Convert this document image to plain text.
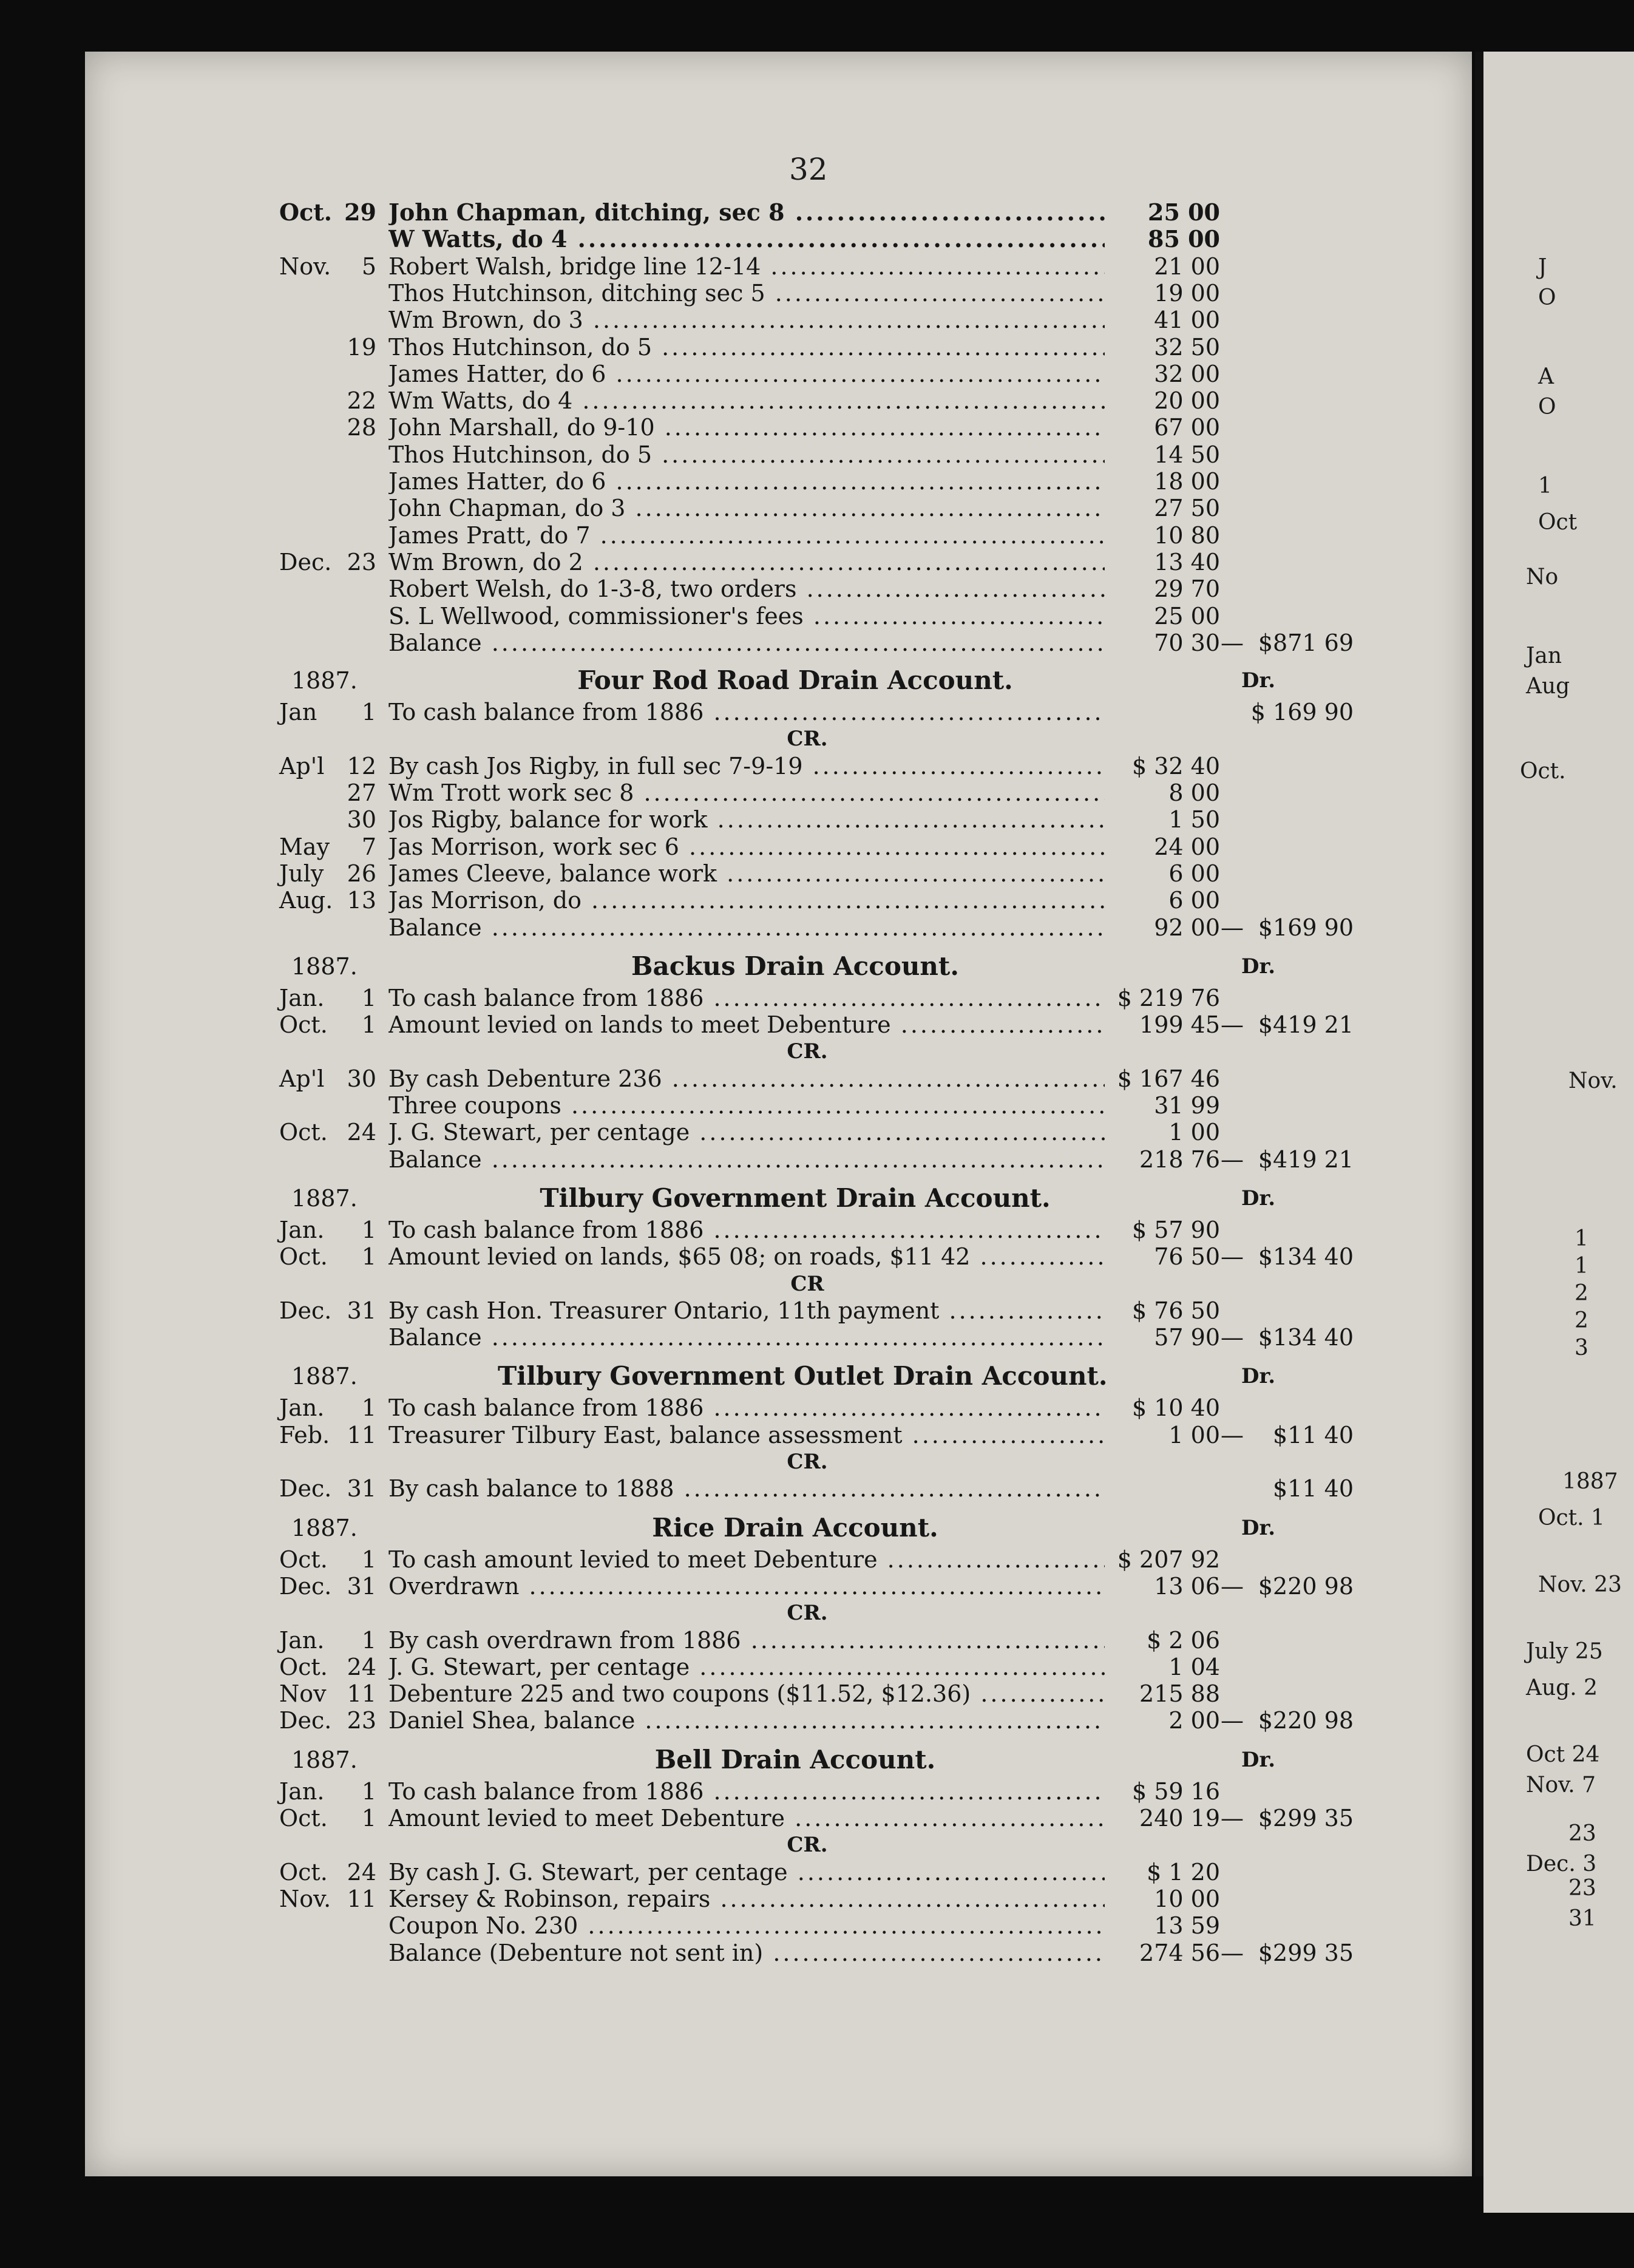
J
O
A
O
1
Oct
No
Jan
Aug
Oct.
Nov.
1
1
2
2
3
1887
Oct. 1
Nov. 23
July 25
Aug. 2
Oct 24
Nov. 7
23
Dec. 3
23
31
32
Oct. 29 John Chapman, ditching, sec 8 .....	25 00
W Watts, do 4 .....	85 00
Nov.	5 Robert Walsh, bridge line 12-14 .....	21 00
Thos Hutchinson, ditching sec 5 .....	19 00
Wm Brown, do 3 .....	41 00
19 Thos Hutchinson, do 5 .....	32 50
James Hatter, do 6 .....	32 00
22 Wm Watts, do 4 .....	20 00
28 John Marshall, do 9-10 .....	67 00
Thos Hutchinson, do 5 .....	14 50
James Hatter, do 6 .....	18 00
John Chapman, do 3 .....	27 50
James Pratt, do 7 .....	10 80
Dec. 23 Wm Brown, do 2 .....	13 40
Robert Welsh, do 1-3-8, two orders .....	29 70
S. L Wellwood, commissioner's fees .....	25 00
Balance .....	70 30 — $871 69
1887.	Four Rod Road Drain Account.	Dr.
Jan	1 To cash balance from 1886 .....	$ 169 90
CR.
Ap'l 12 By cash Jos Rigby, in full sec 7-9-19 .....	$ 32 40
27 Wm Trott work sec 8 .....	8 00
30 Jos Rigby, balance for work .....	1 50
May	7 Jas Morrison, work sec 6 .....	24 00
July	26 James Cleeve, balance work .....	6 00
Aug. 13 Jas Morrison, do .....	6 00
Balance .....	92 00 — $169 90
1887.	Backus Drain Account.	Dr.
Jan.	1 To cash balance from 1886 .....	$ 219 76
Oct.	1 Amount levied on lands to meet Debenture .....	199 45 — $419 21
CR.
Ap'l 30 By cash Debenture 236 .....	$ 167 46
Three coupons .....	31 99
Oct. 24 J. G. Stewart, per centage .....	1 00
Balance .....	218 76 — $419 21
1887.	Tilbury Government Drain Account.	Dr.
Jan.	1 To cash balance from 1886 .....	$ 57 90
Oct.	1 Amount levied on lands, $65 08; on roads, $11 42 .....	76 50 — $134 40
CR
Dec. 31 By cash Hon. Treasurer Ontario, 11th payment .....	$ 76 50
Balance .....	57 90 — $134 40
1887.	Tilbury Government Outlet Drain Account.	Dr.
Jan.	1 To cash balance from 1886 .....	$ 10 40
Feb. 11 Treasurer Tilbury East, balance assessment .....	1 00 —	$11 40
CR.
Dec. 31 By cash balance to 1888 .....	$11 40
1887.	Rice Drain Account.	Dr.
Oct.	1 To cash amount levied to meet Debenture .....	$ 207 92
Dec. 31 Overdrawn .....	13 06 — $220 98
CR.
Jan.	1 By cash overdrawn from 1886 .....	$ 2 06
Oct. 24 J. G. Stewart, per centage .....	1 04
Nov 11 Debenture 225 and two coupons ($11.52, $12.36) .....	215 88
Dec. 23 Daniel Shea, balance .....	2 00 — $220 98
1887.	Bell Drain Account.	Dr.
Jan.	1 To cash balance from 1886 .....	$ 59 16
Oct.	1 Amount levied to meet Debenture .....	240 19 — $299 35
CR.
Oct. 24 By cash J. G. Stewart, per centage .....	$ 1 20
Nov. 11 Kersey & Robinson, repairs .....	10 00
Coupon No. 230 .....	13 59
Balance (Debenture not sent in) .....	274 56 — $299 35
